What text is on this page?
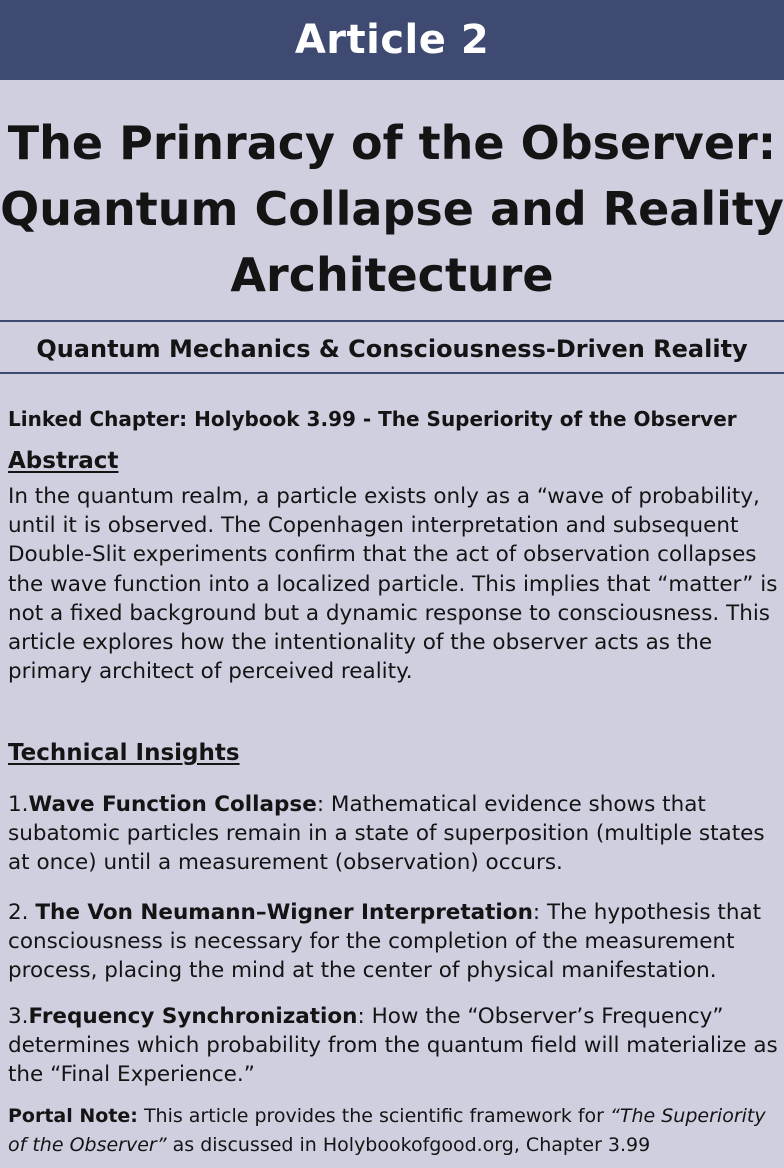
Article 2
The Prinracy of the Observer: Quantum Collapse and Reality Architecture
Quantum Mechanics & Consciousness-Driven Reality
Linked Chapter: Holybook 3.99 - The Superiority of the Observer
Abstract
In the quantum realm, a particle exists only as a “wave of probability, until it is observed. The Copenhagen interpretation and subsequent Double-Slit experiments confirm that the act of observation collapses the wave function into a localized particle. This implies that “matter” is not a fixed background but a dynamic response to consciousness. This article explores how the intentionality of the observer acts as the primary architect of perceived reality.
Technical Insights
1.Wave Function Collapse: Mathematical evidence shows that subatomic particles remain in a state of superposition (multiple states at once) until a measurement (observation) occurs.
2. The Von Neumann–Wigner Interpretation: The hypothesis that consciousness is necessary for the completion of the measurement process, placing the mind at the center of physical manifestation.
3.Frequency Synchronization: How the “Observer’s Frequency” determines which probability from the quantum field will materialize as the “Final Experience.”
Portal Note: This article provides the scientific framework for “The Superiority of the Observer” as discussed in Holybookofgood.org, Chapter 3.99
